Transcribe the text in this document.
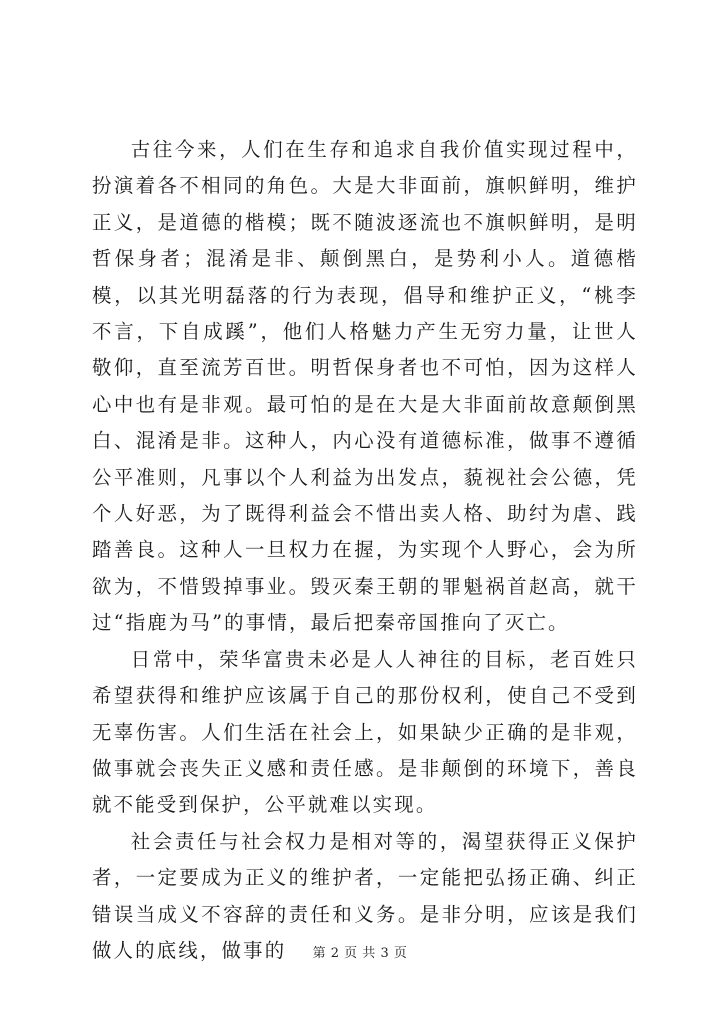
古往今来，人们在生存和追求自我价值实现过程中，扮演着各不相同的角色。大是大非面前，旗帜鲜明，维护正义，是道德的楷模；既不随波逐流也不旗帜鲜明，是明哲保身者；混淆是非、颠倒黑白，是势利小人。道德楷模，以其光明磊落的行为表现，倡导和维护正义，“桃李不言，下自成蹊”，他们人格魅力产生无穷力量，让世人敬仰，直至流芳百世。明哲保身者也不可怕，因为这样人心中也有是非观。最可怕的是在大是大非面前故意颠倒黑白、混淆是非。这种人，内心没有道德标准，做事不遵循公平准则，凡事以个人利益为出发点，藐视社会公德，凭个人好恶，为了既得利益会不惜出卖人格、助纣为虐、践踏善良。这种人一旦权力在握，为实现个人野心，会为所欲为，不惜毁掉事业。毁灭秦王朝的罪魁祸首赵高，就干过“指鹿为马”的事情，最后把秦帝国推向了灭亡。

日常中，荣华富贵未必是人人神往的目标，老百姓只希望获得和维护应该属于自己的那份权利，使自己不受到无辜伤害。人们生活在社会上，如果缺少正确的是非观，做事就会丧失正义感和责任感。是非颠倒的环境下，善良就不能受到保护，公平就难以实现。

社会责任与社会权力是相对等的，渴望获得正义保护者，一定要成为正义的维护者，一定能把弘扬正确、纠正错误当成义不容辞的责任和义务。是非分明，应该是我们做人的底线，做事的	第 2 页 共 3 页
